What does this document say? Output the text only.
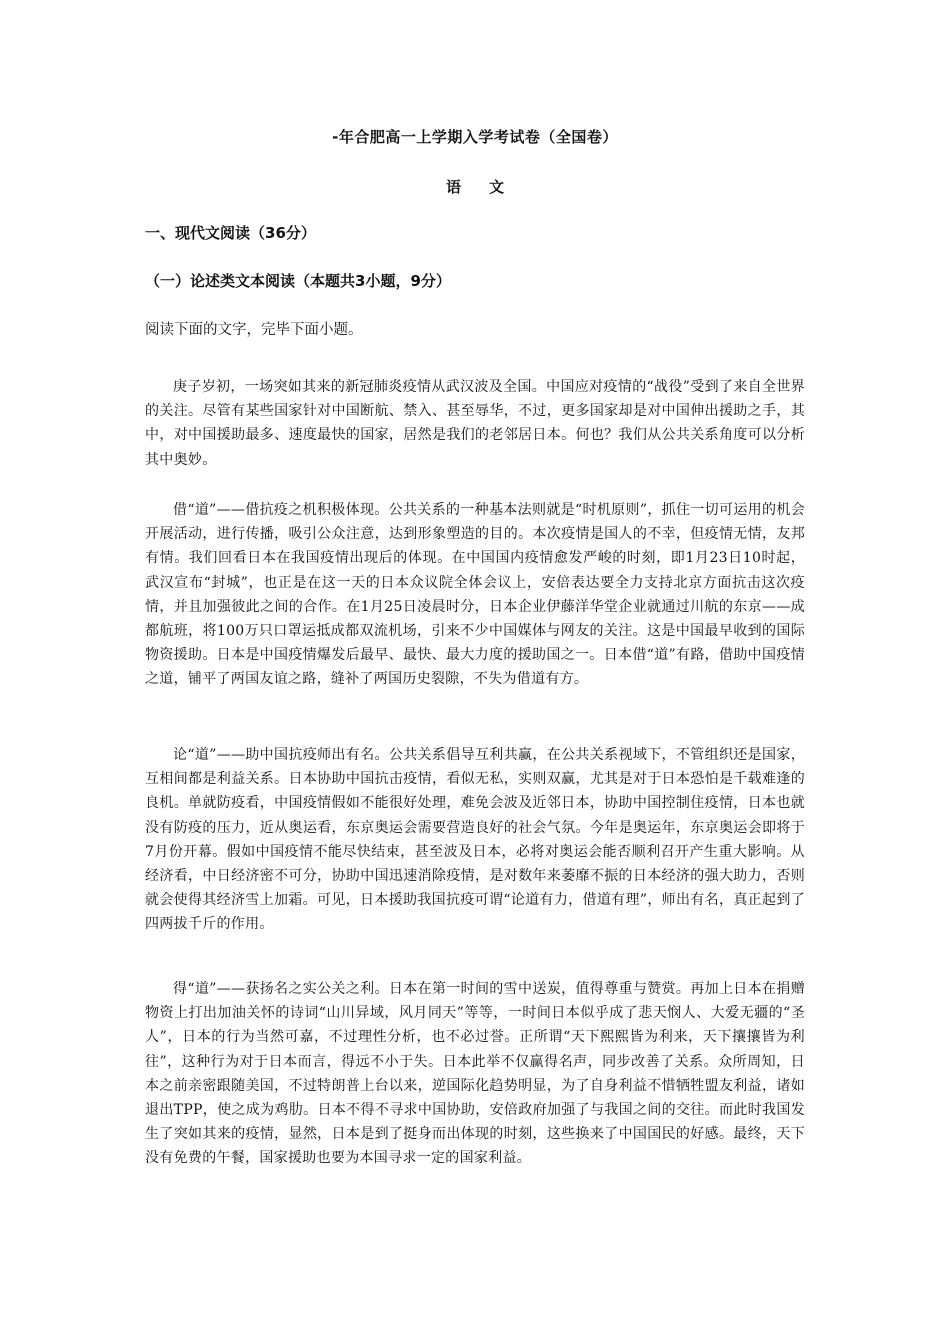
-年合肥高一上学期入学考试卷（全国卷）
语 文
一、现代文阅读（36分）
（一）论述类文本阅读（本题共3小题，9分）
阅读下面的文字，完毕下面小题。

庚子岁初，一场突如其来的新冠肺炎疫情从武汉波及全国。中国应对疫情的“战役”受到了来自全世界的关注。尽管有某些国家针对中国断航、禁入、甚至辱华，不过，更多国家却是对中国伸出援助之手，其中，对中国援助最多、速度最快的国家，居然是我们的老邻居日本。何也？我们从公共关系角度可以分析其中奥妙。

借“道”——借抗疫之机积极体现。公共关系的一种基本法则就是“时机原则”，抓住一切可运用的机会开展活动，进行传播，吸引公众注意，达到形象塑造的目的。本次疫情是国人的不幸，但疫情无情，友邦有情。我们回看日本在我国疫情出现后的体现。在中国国内疫情愈发严峻的时刻，即1月23日10时起，武汉宣布“封城”，也正是在这一天的日本众议院全体会议上，安倍表达要全力支持北京方面抗击这次疫情，并且加强彼此之间的合作。在1月25日凌晨时分，日本企业伊藤洋华堂企业就通过川航的东京——成都航班，将100万只口罩运抵成都双流机场，引来不少中国媒体与网友的关注。这是中国最早收到的国际物资援助。日本是中国疫情爆发后最早、最快、最大力度的援助国之一。日本借“道”有路，借助中国疫情之道，铺平了两国友谊之路，缝补了两国历史裂隙，不失为借道有方。

论“道”——助中国抗疫师出有名。公共关系倡导互利共赢，在公共关系视域下，不管组织还是国家，互相间都是利益关系。日本协助中国抗击疫情，看似无私，实则双赢，尤其是对于日本恐怕是千载难逢的良机。单就防疫看，中国疫情假如不能很好处理，难免会波及近邻日本，协助中国控制住疫情，日本也就没有防疫的压力，近从奥运看，东京奥运会需要营造良好的社会气氛。今年是奥运年，东京奥运会即将于7月份开幕。假如中国疫情不能尽快结束，甚至波及日本，必将对奥运会能否顺利召开产生重大影响。从经济看，中日经济密不可分，协助中国迅速消除疫情，是对数年来萎靡不振的日本经济的强大助力，否则就会使得其经济雪上加霜。可见，日本援助我国抗疫可谓“论道有力，借道有理”，师出有名，真正起到了四两拔千斤的作用。

得“道”——获扬名之实公关之利。日本在第一时间的雪中送炭，值得尊重与赞赏。再加上日本在捐赠物资上打出加油关怀的诗词“山川异域，风月同天”等等，一时间日本似乎成了悲天悯人、大爱无疆的“圣人”，日本的行为当然可嘉，不过理性分析，也不必过誉。正所谓“天下熙熙皆为利来，天下攘攘皆为利往”，这种行为对于日本而言，得远不小于失。日本此举不仅赢得名声，同步改善了关系。众所周知，日本之前亲密跟随美国，不过特朗普上台以来，逆国际化趋势明显，为了自身利益不惜牺牲盟友利益，诸如退出TPP，使之成为鸡肋。日本不得不寻求中国协助，安倍政府加强了与我国之间的交往。而此时我国发生了突如其来的疫情，显然，日本是到了挺身而出体现的时刻，这些换来了中国国民的好感。最终，天下没有免费的午餐，国家援助也要为本国寻求一定的国家利益。
